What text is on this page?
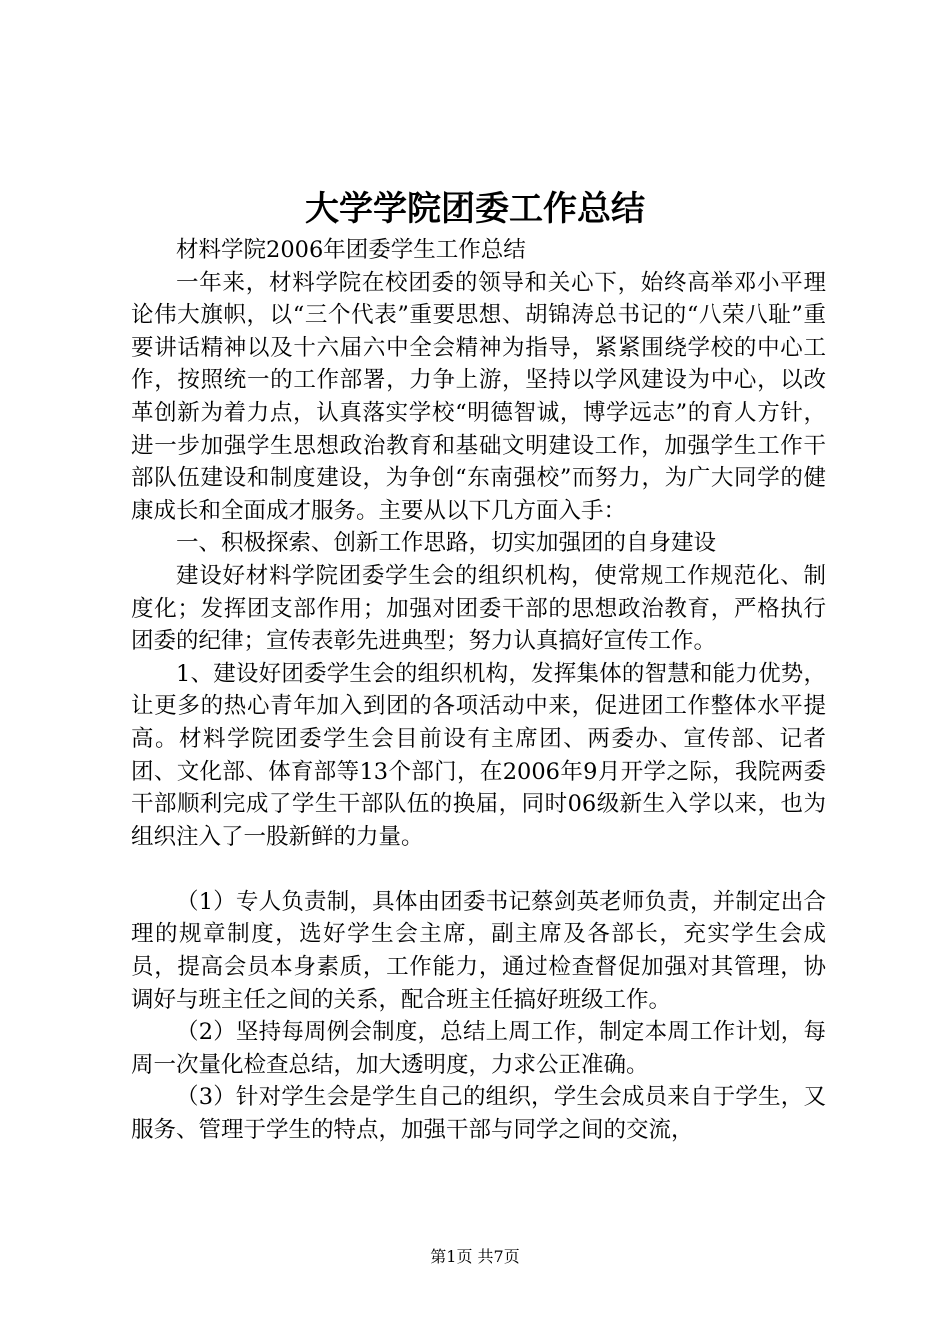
大学学院团委工作总结

材料学院2006年团委学生工作总结

一年来，材料学院在校团委的领导和关心下，始终高举邓小平理论伟大旗帜，以“三个代表”重要思想、胡锦涛总书记的“八荣八耻”重要讲话精神以及十六届六中全会精神为指导，紧紧围绕学校的中心工作，按照统一的工作部署，力争上游，坚持以学风建设为中心，以改革创新为着力点，认真落实学校“明德智诚，博学远志”的育人方针，进一步加强学生思想政治教育和基础文明建设工作，加强学生工作干部队伍建设和制度建设，为争创“东南强校”而努力，为广大同学的健康成长和全面成才服务。主要从以下几方面入手：

一、积极探索、创新工作思路，切实加强团的自身建设

建设好材料学院团委学生会的组织机构，使常规工作规范化、制度化；发挥团支部作用；加强对团委干部的思想政治教育，严格执行团委的纪律；宣传表彰先进典型；努力认真搞好宣传工作。

1、建设好团委学生会的组织机构，发挥集体的智慧和能力优势，让更多的热心青年加入到团的各项活动中来，促进团工作整体水平提高。材料学院团委学生会目前设有主席团、两委办、宣传部、记者团、文化部、体育部等13个部门，在2006年9月开学之际，我院两委干部顺利完成了学生干部队伍的换届，同时06级新生入学以来，也为组织注入了一股新鲜的力量。

（1）专人负责制，具体由团委书记蔡剑英老师负责，并制定出合理的规章制度，选好学生会主席，副主席及各部长，充实学生会成员，提高会员本身素质，工作能力，通过检查督促加强对其管理，协调好与班主任之间的关系，配合班主任搞好班级工作。

（2）坚持每周例会制度，总结上周工作，制定本周工作计划，每周一次量化检查总结，加大透明度，力求公正准确。

（3）针对学生会是学生自己的组织，学生会成员来自于学生，又服务、管理于学生的特点，加强干部与同学之间的交流，

第1页 共7页
